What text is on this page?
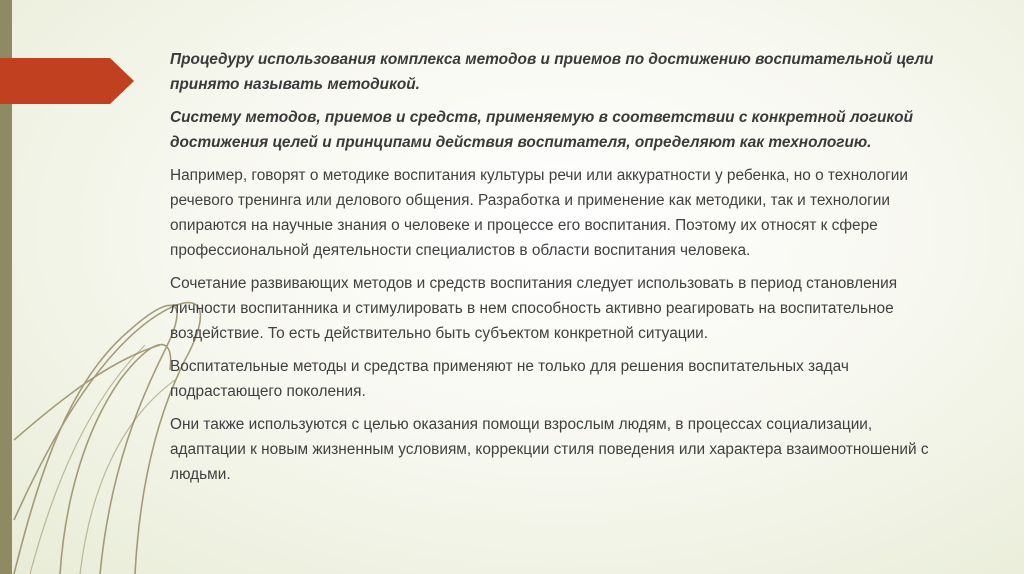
Процедуру использования комплекса методов и приемов по достижению воспитательной цели принято называть методикой.

Систему методов, приемов и средств, применяемую в соответствии с конкретной логикой достижения целей и принципами действия воспитателя, определяют как технологию.

Например, говорят о методике воспитания культуры речи или аккуратности у ребенка, но о технологии речевого тренинга или делового общения. Разработка и применение как методики, так и технологии опираются на научные знания о человеке и процессе его воспитания. Поэтому их относят к сфере профессиональной деятельности специалистов в области воспитания человека.

Сочетание развивающих методов и средств воспитания следует использовать в период становления личности воспитанника и стимулировать в нем способность активно реагировать на воспитательное воздействие. То есть действительно быть субъектом конкретной ситуации.

Воспитательные методы и средства применяют не только для решения воспитательных задач подрастающего поколения.

Они также используются с целью оказания помощи взрослым людям, в процессах социализации, адаптации к новым жизненным условиям, коррекции стиля поведения или характера взаимоотношений с людьми.
